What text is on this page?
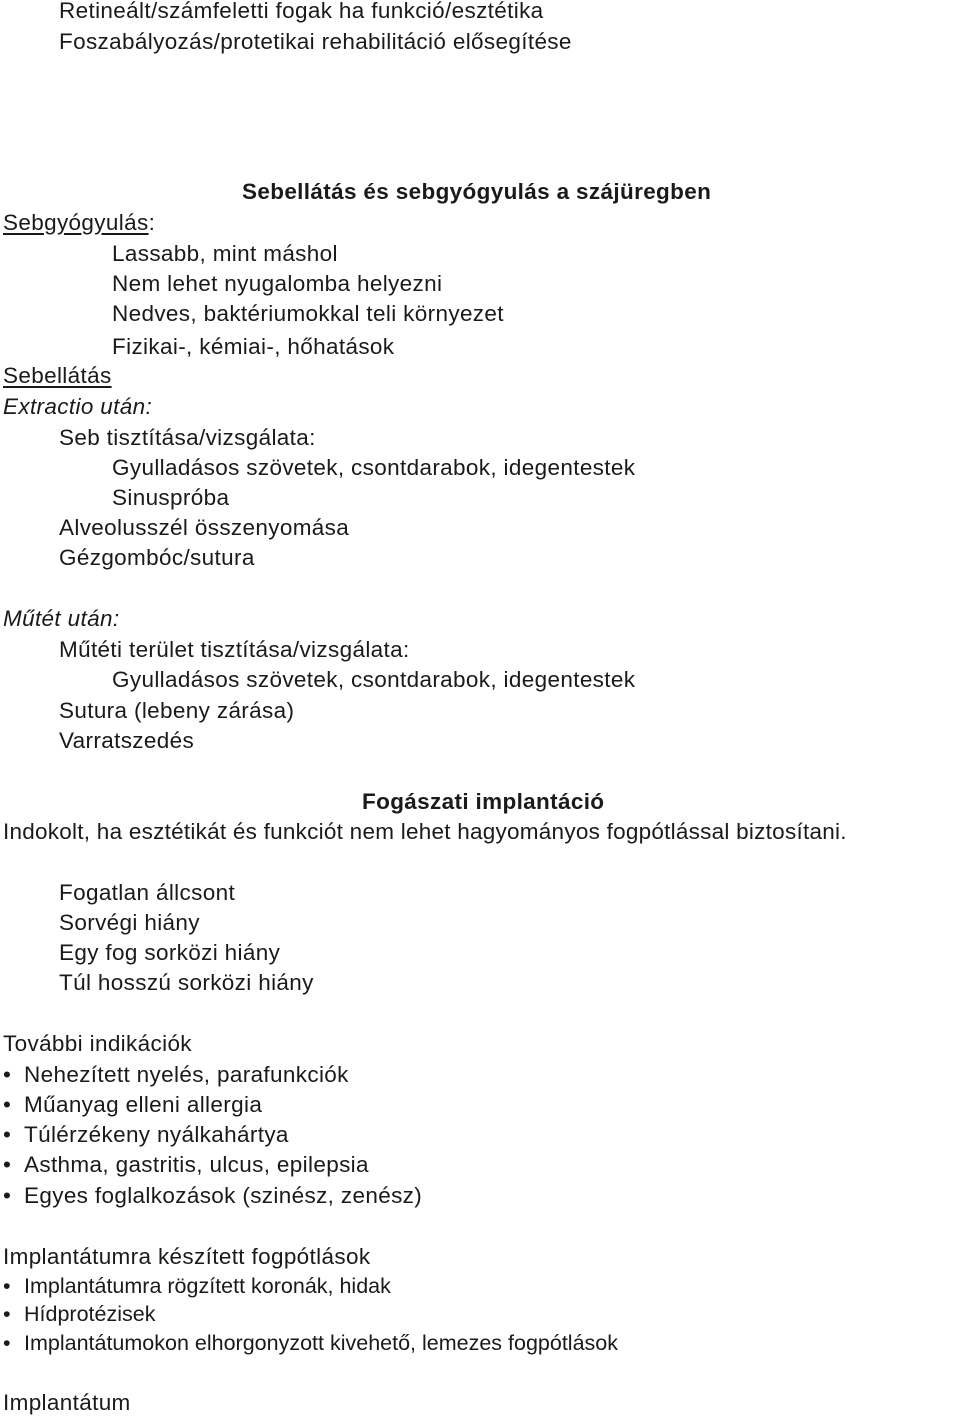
Retineált/számfeletti fogak ha funkció/esztétika
Foszabályozás/protetikai rehabilitáció elősegítése
Sebellátás és sebgyógyulás a szájüregben
Sebgyógyulás:
Lassabb, mint máshol
Nem lehet nyugalomba helyezni
Nedves, baktériumokkal teli környezet
Fizikai-, kémiai-, hőhatások
Sebellátás
Extractio után:
Seb tisztítása/vizsgálata:
Gyulladásos szövetek, csontdarabok, idegentestek
Sinuspróba
Alveolusszél összenyomása
Gézgombóc/sutura
Műtét után:
Műtéti terület tisztítása/vizsgálata:
Gyulladásos szövetek, csontdarabok, idegentestek
Sutura (lebeny zárása)
Varratszedés
Fogászati implantáció
Indokolt, ha esztétikát és funkciót nem lehet hagyományos fogpótlással biztosítani.
Fogatlan állcsont
Sorvégi hiány
Egy fog sorközi hiány
Túl hosszú sorközi hiány
További indikációk
• Nehezített nyelés, parafunkciók
• Műanyag elleni allergia
• Túlérzékeny nyálkahártya
• Asthma, gastritis, ulcus, epilepsia
• Egyes foglalkozások (szinész, zenész)
Implantátumra készített fogpótlások
• Implantátumra rögzített koronák, hidak
• Hídprotézisek
• Implantátumokon elhorgonyzott kivehető, lemezes fogpótlások
Implantátum
